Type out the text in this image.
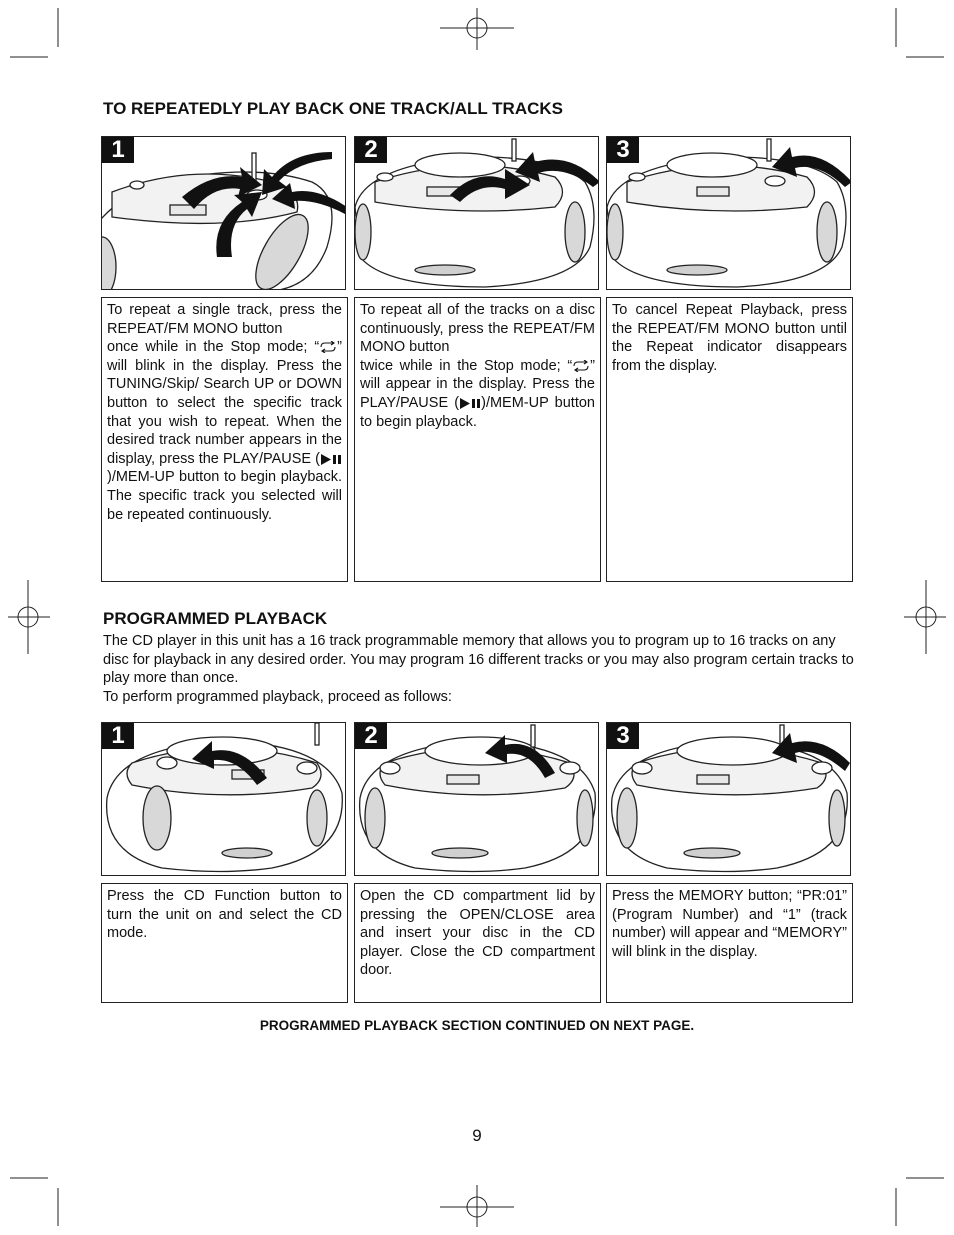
TO REPEATEDLY PLAY BACK ONE TRACK/ALL TRACKS
1	2	3
To repeat a single track, press the REPEAT/FM MONO button
once while in the Stop mode; “ ” will blink in the display. Press the TUNING/Skip/ Search UP or DOWN button to select the specific track that you wish to repeat. When the desired track number appears in the display, press the PLAY/PAUSE ()/MEM-UP button to begin playback. The specific track you selected will be repeated continuously.
To repeat all of the tracks on a disc continuously, press the REPEAT/FM MONO button
twice while in the Stop mode; “ ” will appear in the display. Press the PLAY/PAUSE ( )/MEM-UP button to begin playback.
To cancel Repeat Playback, press the REPEAT/FM MONO button until the Repeat indicator disappears from the display.
PROGRAMMED PLAYBACK

The CD player in this unit has a 16 track programmable memory that allows you to program up to 16 tracks on any disc for playback in any desired order. You may program 16 different tracks or you may also program certain tracks to play more than once.

To perform programmed playback, proceed as follows:

1	2	3
Press the CD Function button to turn the unit on and select the CD mode.
Open the CD compartment lid by pressing the OPEN/CLOSE area and insert your disc in the CD player. Close the CD compartment door.
Press the MEMORY button; “PR:01” (Program Number) and “1” (track number) will appear and “MEMORY” will blink in the display.
PROGRAMMED PLAYBACK SECTION CONTINUED ON NEXT PAGE.
9
